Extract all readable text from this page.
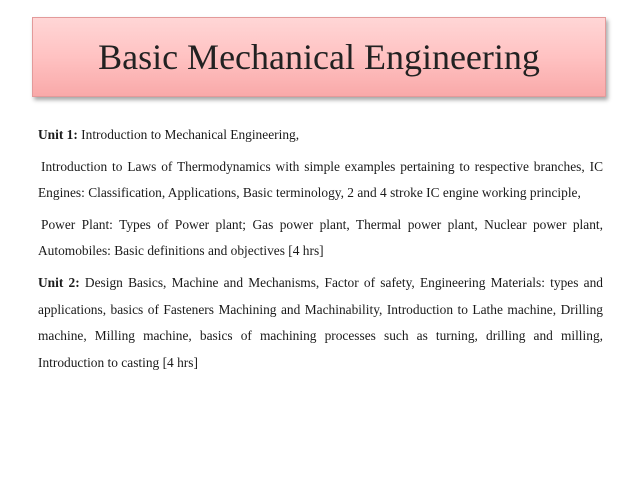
Basic Mechanical Engineering

Unit 1: Introduction to Mechanical Engineering,

Introduction to Laws of Thermodynamics with simple examples pertaining to respective branches, IC Engines: Classification, Applications, Basic terminology, 2 and 4 stroke IC engine working principle,

Power Plant: Types of Power plant; Gas power plant, Thermal power plant, Nuclear power plant, Automobiles: Basic definitions and objectives [4 hrs]

Unit 2: Design Basics, Machine and Mechanisms, Factor of safety, Engineering Materials: types and applications, basics of Fasteners Machining and Machinability, Introduction to Lathe machine, Drilling machine, Milling machine, basics of machining processes such as turning, drilling and milling, Introduction to casting [4 hrs]
